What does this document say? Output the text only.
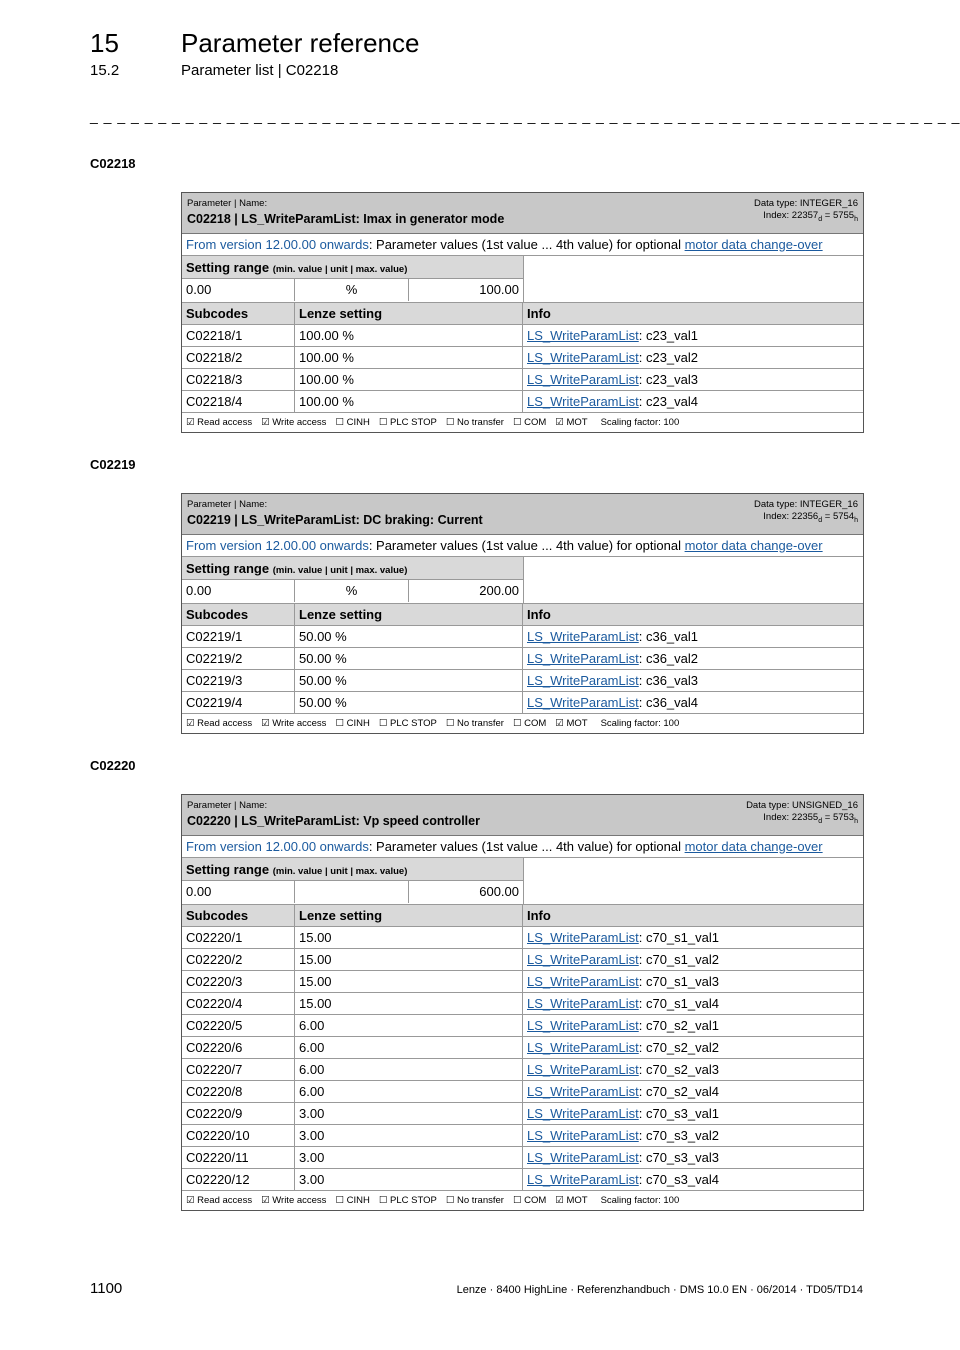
15 Parameter reference
15.2	Parameter list | C02218
_ _ _ _ _ _ _ _ _ _ _ _ _ _ _ _ _ _ _ _ _ _ _ _ _ _ _ _ _ _ _ _ _ _ _ _ _ _ _ _ _ _ _ _ _ _ _ _ _ _ _ _ _ _ _ _ _ _ _ _ _ _ _ _
C02218
Parameter | Name:
C02218 | LS_WriteParamList: Imax in generator mode
Data type: INTEGER_16
Index: $22357_d = 5755_h$
From version 12.00.00 onwards: Parameter values (1st value ... 4th value) for optional motor data change-over
Setting range (min. value | unit | max. value)
0.00	%	100.00
Subcodes	Lenze setting	Info
C02218/1	100.00 %	LS_WriteParamList: c23_val1
C02218/2	100.00 %	LS_WriteParamList: c23_val2
C02218/3	100.00 %	LS_WriteParamList: c23_val3
C02218/4	100.00 %	LS_WriteParamList: c23_val4
☑ Read access ☑ Write access ☐ CINH ☐ PLC STOP ☐ No transfer ☐ COM ☑ MOT Scaling factor: 100
C02219
Parameter | Name:
C02219 | LS_WriteParamList: DC braking: Current
Data type: INTEGER_16
Index: $22356_d = 5754_h$
From version 12.00.00 onwards: Parameter values (1st value ... 4th value) for optional motor data change-over
Setting range (min. value | unit | max. value)
0.00	%	200.00
Subcodes	Lenze setting	Info
C02219/1	50.00 %	LS_WriteParamList: c36_val1
C02219/2	50.00 %	LS_WriteParamList: c36_val2
C02219/3	50.00 %	LS_WriteParamList: c36_val3
C02219/4	50.00 %	LS_WriteParamList: c36_val4
☑ Read access ☑ Write access ☐ CINH ☐ PLC STOP ☐ No transfer ☐ COM ☑ MOT Scaling factor: 100
C02220
Parameter | Name:
C02220 | LS_WriteParamList: Vp speed controller
Data type: UNSIGNED_16
Index: $22355_d = 5753_h$
From version 12.00.00 onwards: Parameter values (1st value ... 4th value) for optional motor data change-over
Setting range (min. value | unit | max. value)
0.00	600.00
Subcodes	Lenze setting	Info
C02220/1	15.00	LS_WriteParamList: c70_s1_val1
C02220/2	15.00	LS_WriteParamList: c70_s1_val2
C02220/3	15.00	LS_WriteParamList: c70_s1_val3
C02220/4	15.00	LS_WriteParamList: c70_s1_val4
C02220/5	6.00	LS_WriteParamList: c70_s2_val1
C02220/6	6.00	LS_WriteParamList: c70_s2_val2
C02220/7	6.00	LS_WriteParamList: c70_s2_val3
C02220/8	6.00	LS_WriteParamList: c70_s2_val4
C02220/9	3.00	LS_WriteParamList: c70_s3_val1
C02220/10	3.00	LS_WriteParamList: c70_s3_val2
C02220/11	3.00	LS_WriteParamList: c70_s3_val3
C02220/12	3.00	LS_WriteParamList: c70_s3_val4
☑ Read access ☑ Write access ☐ CINH ☐ PLC STOP ☐ No transfer ☐ COM ☑ MOT Scaling factor: 100
1100	Lenze · 8400 HighLine · Referenzhandbuch · DMS 10.0 EN · 06/2014 · TD05/TD14
